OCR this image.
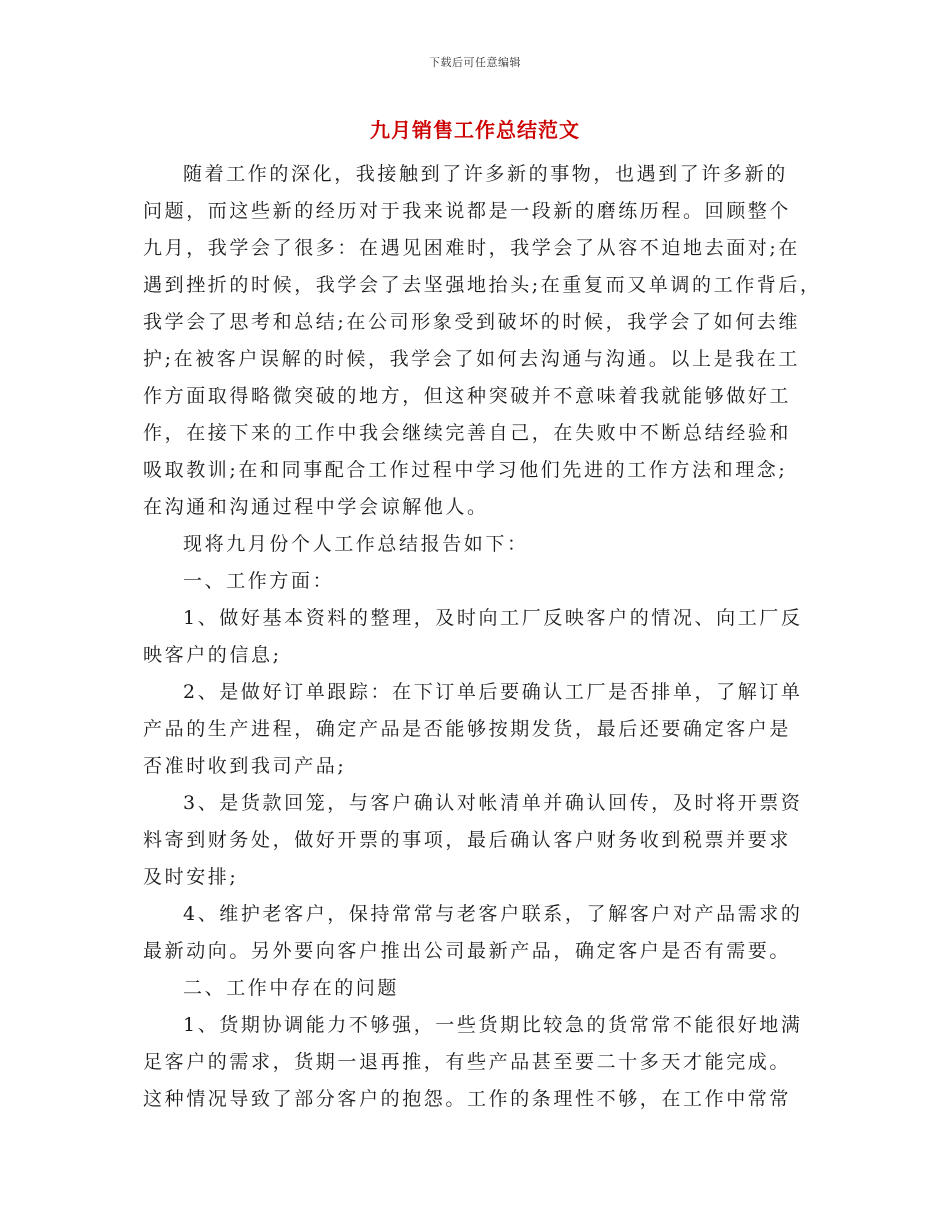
下载后可任意编辑
九月销售工作总结范文
随着工作的深化，我接触到了许多新的事物，也遇到了许多新的
问题，而这些新的经历对于我来说都是一段新的磨练历程。回顾整个
九月，我学会了很多：在遇见困难时，我学会了从容不迫地去面对;在
遇到挫折的时候，我学会了去坚强地抬头;在重复而又单调的工作背后，
我学会了思考和总结;在公司形象受到破坏的时候，我学会了如何去维
护;在被客户误解的时候，我学会了如何去沟通与沟通。以上是我在工
作方面取得略微突破的地方，但这种突破并不意味着我就能够做好工
作，在接下来的工作中我会继续完善自己，在失败中不断总结经验和
吸取教训;在和同事配合工作过程中学习他们先进的工作方法和理念;
在沟通和沟通过程中学会谅解他人。
现将九月份个人工作总结报告如下：
一、工作方面：
1、做好基本资料的整理，及时向工厂反映客户的情况、向工厂反
映客户的信息;
2、是做好订单跟踪：在下订单后要确认工厂是否排单，了解订单
产品的生产进程，确定产品是否能够按期发货，最后还要确定客户是
否准时收到我司产品;
3、是货款回笼，与客户确认对帐清单并确认回传，及时将开票资
料寄到财务处，做好开票的事项，最后确认客户财务收到税票并要求
及时安排;
4、维护老客户，保持常常与老客户联系，了解客户对产品需求的
最新动向。另外要向客户推出公司最新产品，确定客户是否有需要。
二、工作中存在的问题
1、货期协调能力不够强，一些货期比较急的货常常不能很好地满
足客户的需求，货期一退再推，有些产品甚至要二十多天才能完成。
这种情况导致了部分客户的抱怨。工作的条理性不够，在工作中常常
